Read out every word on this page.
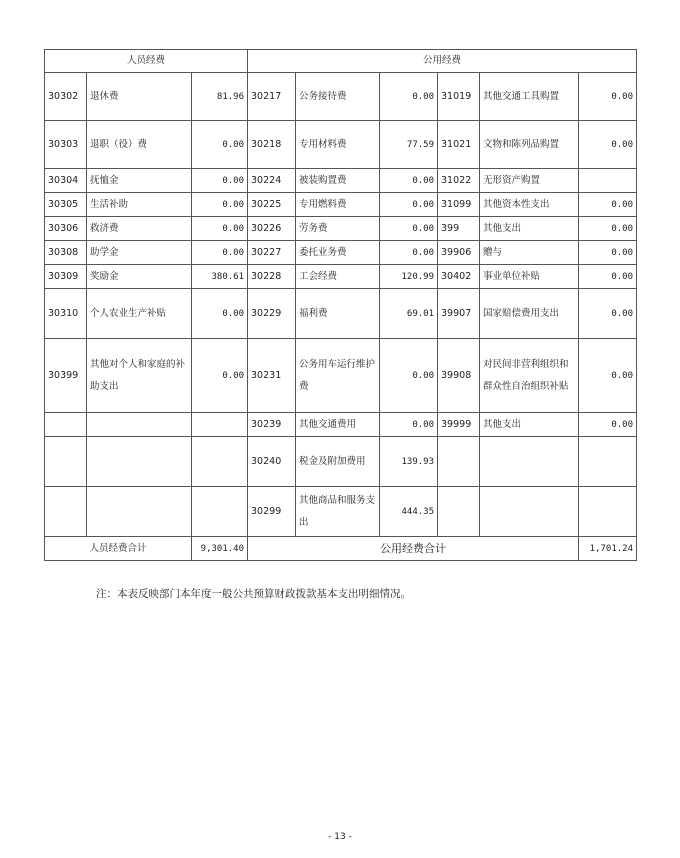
人员经费			公用经费					
30302	退休费	81.96	30217	公务接待费	0.00	31019	其他交通工具购置	0.00
30303	退职（役）费	0.00	30218	专用材料费	77.59	31021	文物和陈列品购置	0.00
30304	抚恤金	0.00	30224	被装购置费	0.00	31022	无形资产购置	
30305	生活补助	0.00	30225	专用燃料费	0.00	31099	其他资本性支出	0.00
30306	救济费	0.00	30226	劳务费	0.00	399	其他支出	0.00
30308	助学金	0.00	30227	委托业务费	0.00	39906	赠与	0.00
30309	奖励金	380.61	30228	工会经费	120.99	30402	事业单位补贴	0.00
30310	个人农业生产补贴	0.00	30229	福利费	69.01	39907	国家赔偿费用支出	0.00
30399	其他对个人和家庭的补助支出	0.00	30231	公务用车运行维护费	0.00	39908	对民间非营利组织和群众性自治组织补贴	0.00
			30239	其他交通费用	0.00	39999	其他支出	0.00
			30240	税金及附加费用	139.93			
			30299	其他商品和服务支出	444.35			
人员经费合计		9,301.40	公用经费合计					1,701.24
注：本表反映部门本年度一般公共预算财政拨款基本支出明细情况。
- 13 -
